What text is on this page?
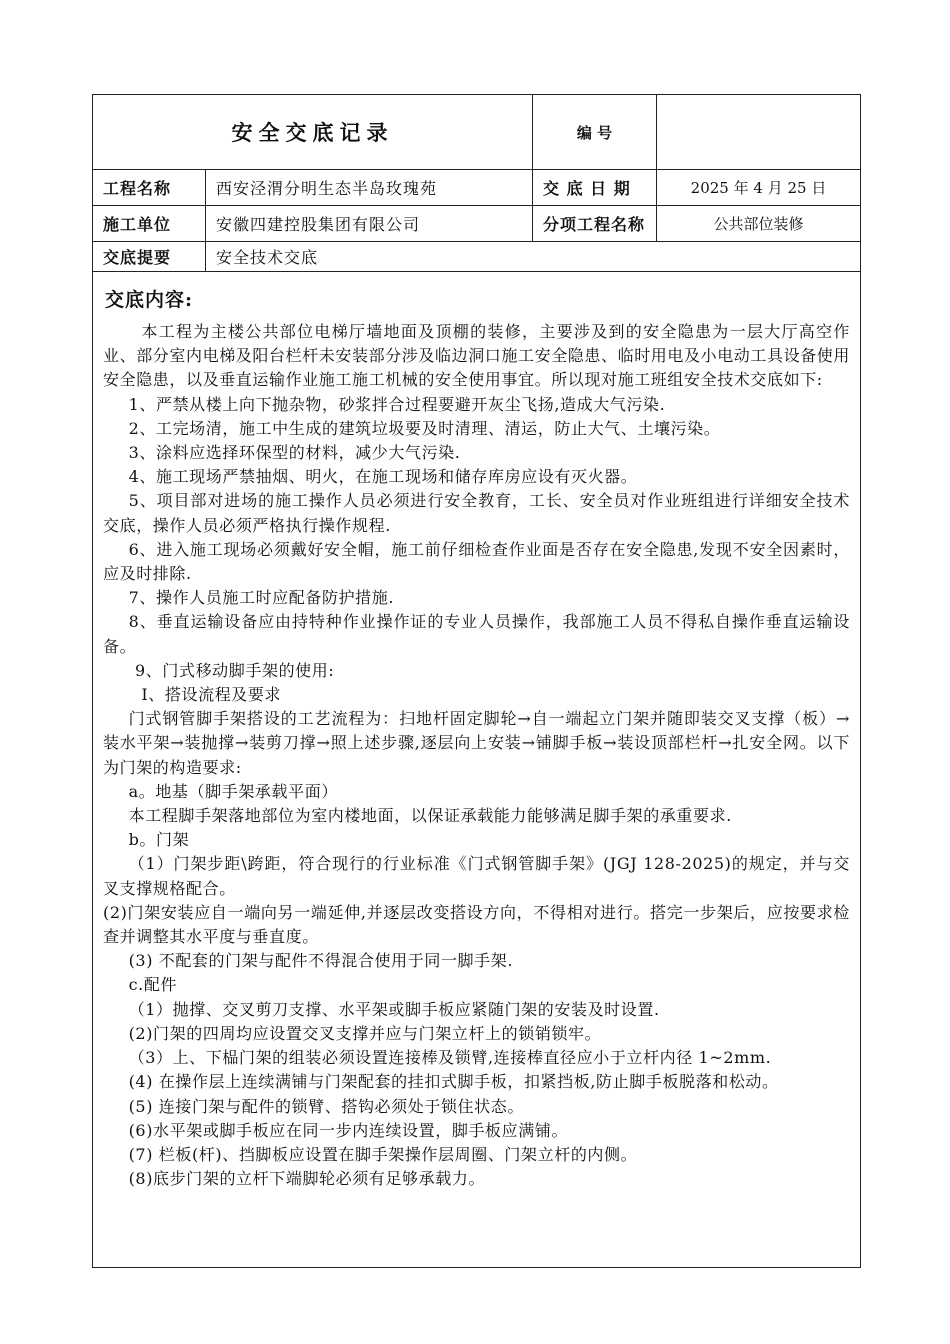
安全交底记录	编 号
工程名称	西安泾渭分明生态半岛玫瑰苑	交 底 日 期	2025 年 4 月 25 日
施工单位	安徽四建控股集团有限公司	分项工程名称	公共部位装修
交底提要	安全技术交底
交底内容:

本工程为主楼公共部位电梯厅墙地面及顶棚的装修，主要涉及到的安全隐患为一层大厅高空作业、部分室内电梯及阳台栏杆未安装部分涉及临边洞口施工安全隐患、临时用电及小电动工具设备使用安全隐患，以及垂直运输作业施工施工机械的安全使用事宜。所以现对施工班组安全技术交底如下:

1、严禁从楼上向下抛杂物，砂浆拌合过程要避开灰尘飞扬,造成大气污染.

2、工完场清，施工中生成的建筑垃圾要及时清理、清运，防止大气、土壤污染。

3、涂料应选择环保型的材料，减少大气污染.

4、施工现场严禁抽烟、明火，在施工现场和储存库房应设有灭火器。

5、项目部对进场的施工操作人员必须进行安全教育，工长、安全员对作业班组进行详细安全技术交底，操作人员必须严格执行操作规程.

6、进入施工现场必须戴好安全帽，施工前仔细检查作业面是否存在安全隐患,发现不安全因素时，应及时排除.

7、操作人员施工时应配备防护措施.

8、垂直运输设备应由持特种作业操作证的专业人员操作，我部施工人员不得私自操作垂直运输设备。

9、门式移动脚手架的使用:

Ⅰ、搭设流程及要求

门式钢管脚手架搭设的工艺流程为：扫地杆固定脚轮→自一端起立门架并随即装交叉支撑（板）→装水平架→装抛撑→装剪刀撑→照上述步骤,逐层向上安装→铺脚手板→装设顶部栏杆→扎安全网。以下为门架的构造要求:

a。地基（脚手架承载平面）

本工程脚手架落地部位为室内楼地面，以保证承载能力能够满足脚手架的承重要求.

b。门架

（1）门架步距\跨距，符合现行的行业标准《门式钢管脚手架》(JGJ 128-2025)的规定，并与交叉支撑规格配合。

(2)门架安装应自一端向另一端延伸,并逐层改变搭设方向，不得相对进行。搭完一步架后，应按要求检查并调整其水平度与垂直度。

(3) 不配套的门架与配件不得混合使用于同一脚手架.

c.配件

（1）抛撑、交叉剪刀支撑、水平架或脚手板应紧随门架的安装及时设置.

(2)门架的四周均应设置交叉支撑并应与门架立杆上的锁销锁牢。

（3）上、下榀门架的组装必须设置连接棒及锁臂,连接棒直径应小于立杆内径 1~2mm.

(4) 在操作层上连续满铺与门架配套的挂扣式脚手板，扣紧挡板,防止脚手板脱落和松动。

(5) 连接门架与配件的锁臂、搭钩必须处于锁住状态。

(6)水平架或脚手板应在同一步内连续设置，脚手板应满铺。

(7) 栏板(杆)、挡脚板应设置在脚手架操作层周圈、门架立杆的内侧。

(8)底步门架的立杆下端脚轮必须有足够承载力。
